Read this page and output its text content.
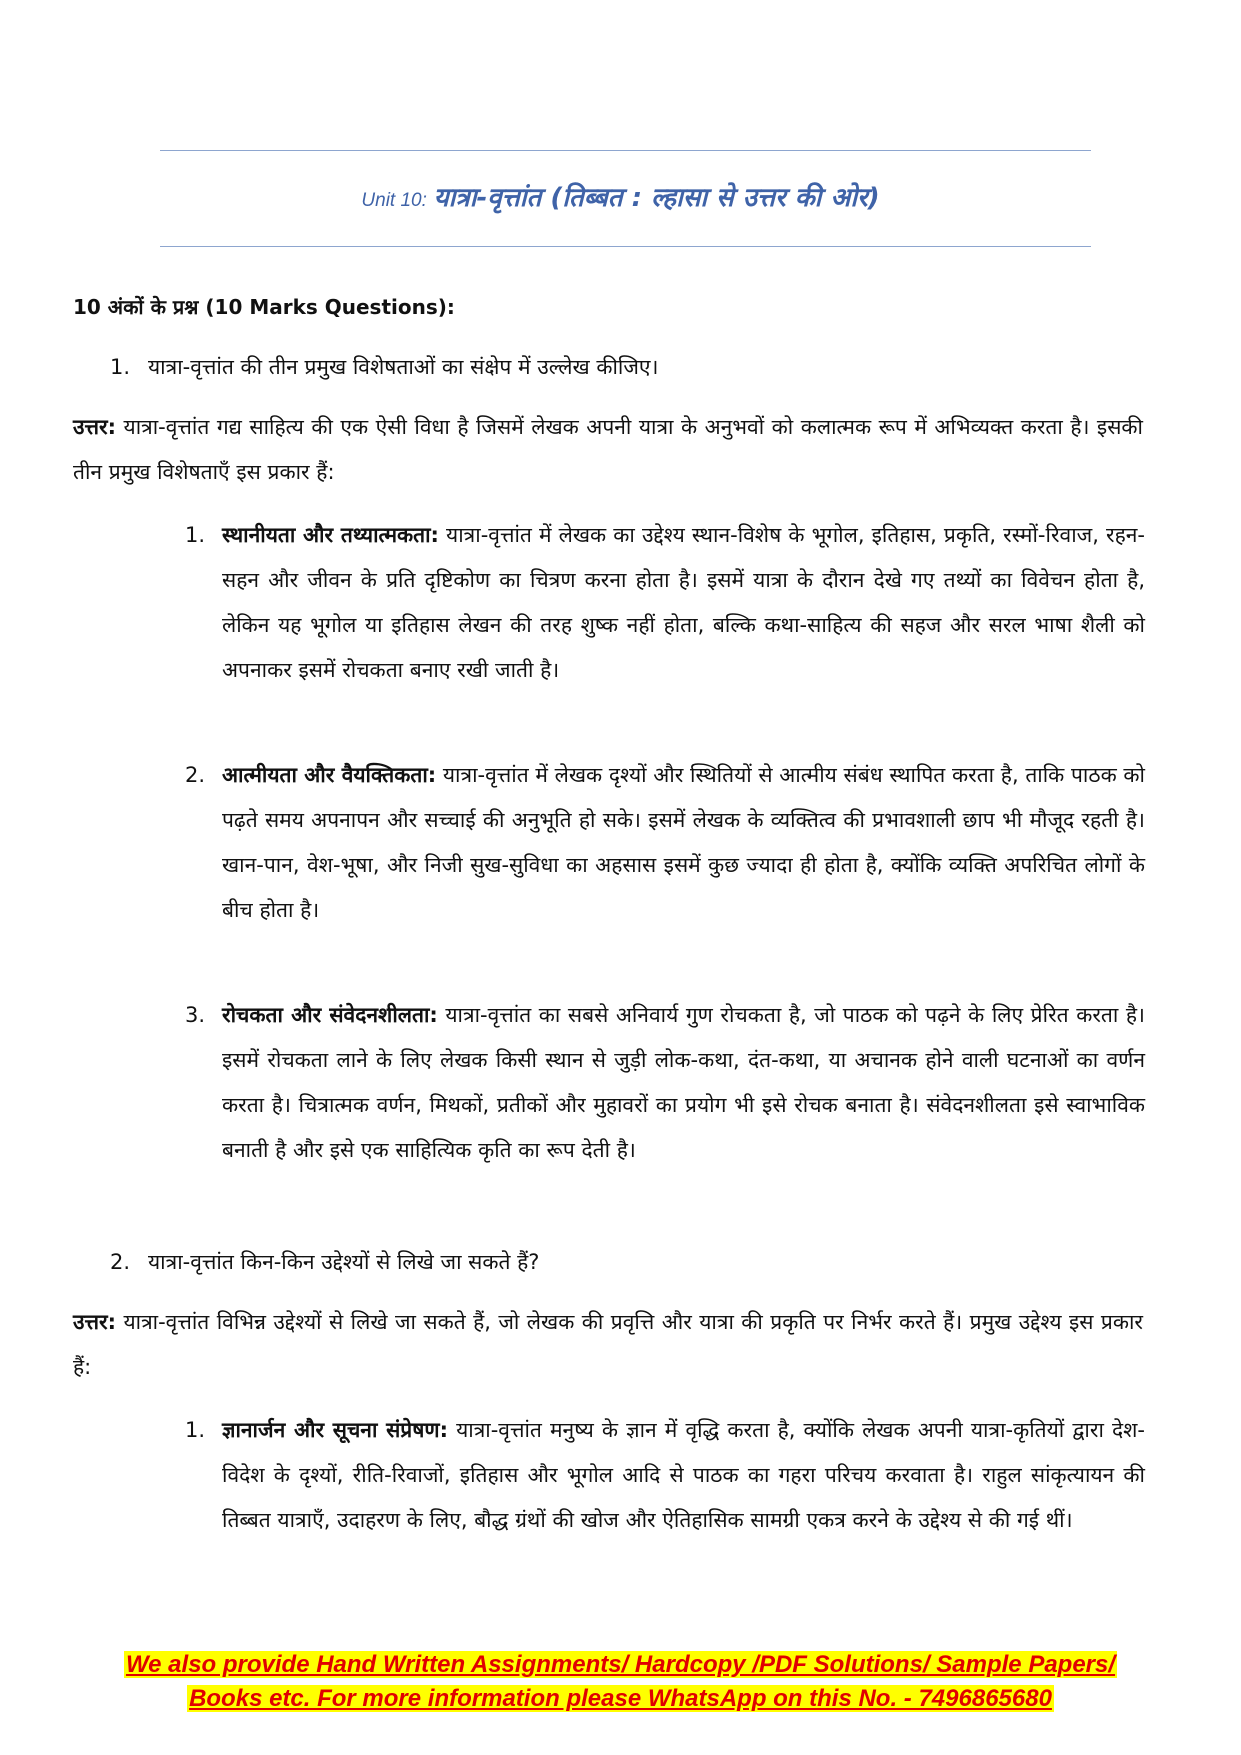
Unit 10: यात्रा-वृत्तांत (तिब्बत : ल्हासा से उत्तर की ओर)
10 अंकों के प्रश्न (10 Marks Questions):
1. यात्रा-वृत्तांत की तीन प्रमुख विशेषताओं का संक्षेप में उल्लेख कीजिए।
उत्तर: यात्रा-वृत्तांत गद्य साहित्य की एक ऐसी विधा है जिसमें लेखक अपनी यात्रा के अनुभवों को कलात्मक रूप में अभिव्यक्त करता है। इसकी तीन प्रमुख विशेषताएँ इस प्रकार हैं:
1. स्थानीयता और तथ्यात्मकता: यात्रा-वृत्तांत में लेखक का उद्देश्य स्थान-विशेष के भूगोल, इतिहास, प्रकृति, रस्मों-रिवाज, रहन-सहन और जीवन के प्रति दृष्टिकोण का चित्रण करना होता है। इसमें यात्रा के दौरान देखे गए तथ्यों का विवेचन होता है, लेकिन यह भूगोल या इतिहास लेखन की तरह शुष्क नहीं होता, बल्कि कथा-साहित्य की सहज और सरल भाषा शैली को अपनाकर इसमें रोचकता बनाए रखी जाती है।
2. आत्मीयता और वैयक्तिकता: यात्रा-वृत्तांत में लेखक दृश्यों और स्थितियों से आत्मीय संबंध स्थापित करता है, ताकि पाठक को पढ़ते समय अपनापन और सच्चाई की अनुभूति हो सके। इसमें लेखक के व्यक्तित्व की प्रभावशाली छाप भी मौजूद रहती है। खान-पान, वेश-भूषा, और निजी सुख-सुविधा का अहसास इसमें कुछ ज्यादा ही होता है, क्योंकि व्यक्ति अपरिचित लोगों के बीच होता है।
3. रोचकता और संवेदनशीलता: यात्रा-वृत्तांत का सबसे अनिवार्य गुण रोचकता है, जो पाठक को पढ़ने के लिए प्रेरित करता है। इसमें रोचकता लाने के लिए लेखक किसी स्थान से जुड़ी लोक-कथा, दंत-कथा, या अचानक होने वाली घटनाओं का वर्णन करता है। चित्रात्मक वर्णन, मिथकों, प्रतीकों और मुहावरों का प्रयोग भी इसे रोचक बनाता है। संवेदनशीलता इसे स्वाभाविक बनाती है और इसे एक साहित्यिक कृति का रूप देती है।
2. यात्रा-वृत्तांत किन-किन उद्देश्यों से लिखे जा सकते हैं?
उत्तर: यात्रा-वृत्तांत विभिन्न उद्देश्यों से लिखे जा सकते हैं, जो लेखक की प्रवृत्ति और यात्रा की प्रकृति पर निर्भर करते हैं। प्रमुख उद्देश्य इस प्रकार हैं:
1. ज्ञानार्जन और सूचना संप्रेषण: यात्रा-वृत्तांत मनुष्य के ज्ञान में वृद्धि करता है, क्योंकि लेखक अपनी यात्रा-कृतियों द्वारा देश-विदेश के दृश्यों, रीति-रिवाजों, इतिहास और भूगोल आदि से पाठक का गहरा परिचय करवाता है। राहुल सांकृत्यायन की तिब्बत यात्राएँ, उदाहरण के लिए, बौद्ध ग्रंथों की खोज और ऐतिहासिक सामग्री एकत्र करने के उद्देश्य से की गई थीं।
We also provide Hand Written Assignments/ Hardcopy /PDF Solutions/ Sample Papers/
Books etc. For more information please WhatsApp on this No. - 7496865680
